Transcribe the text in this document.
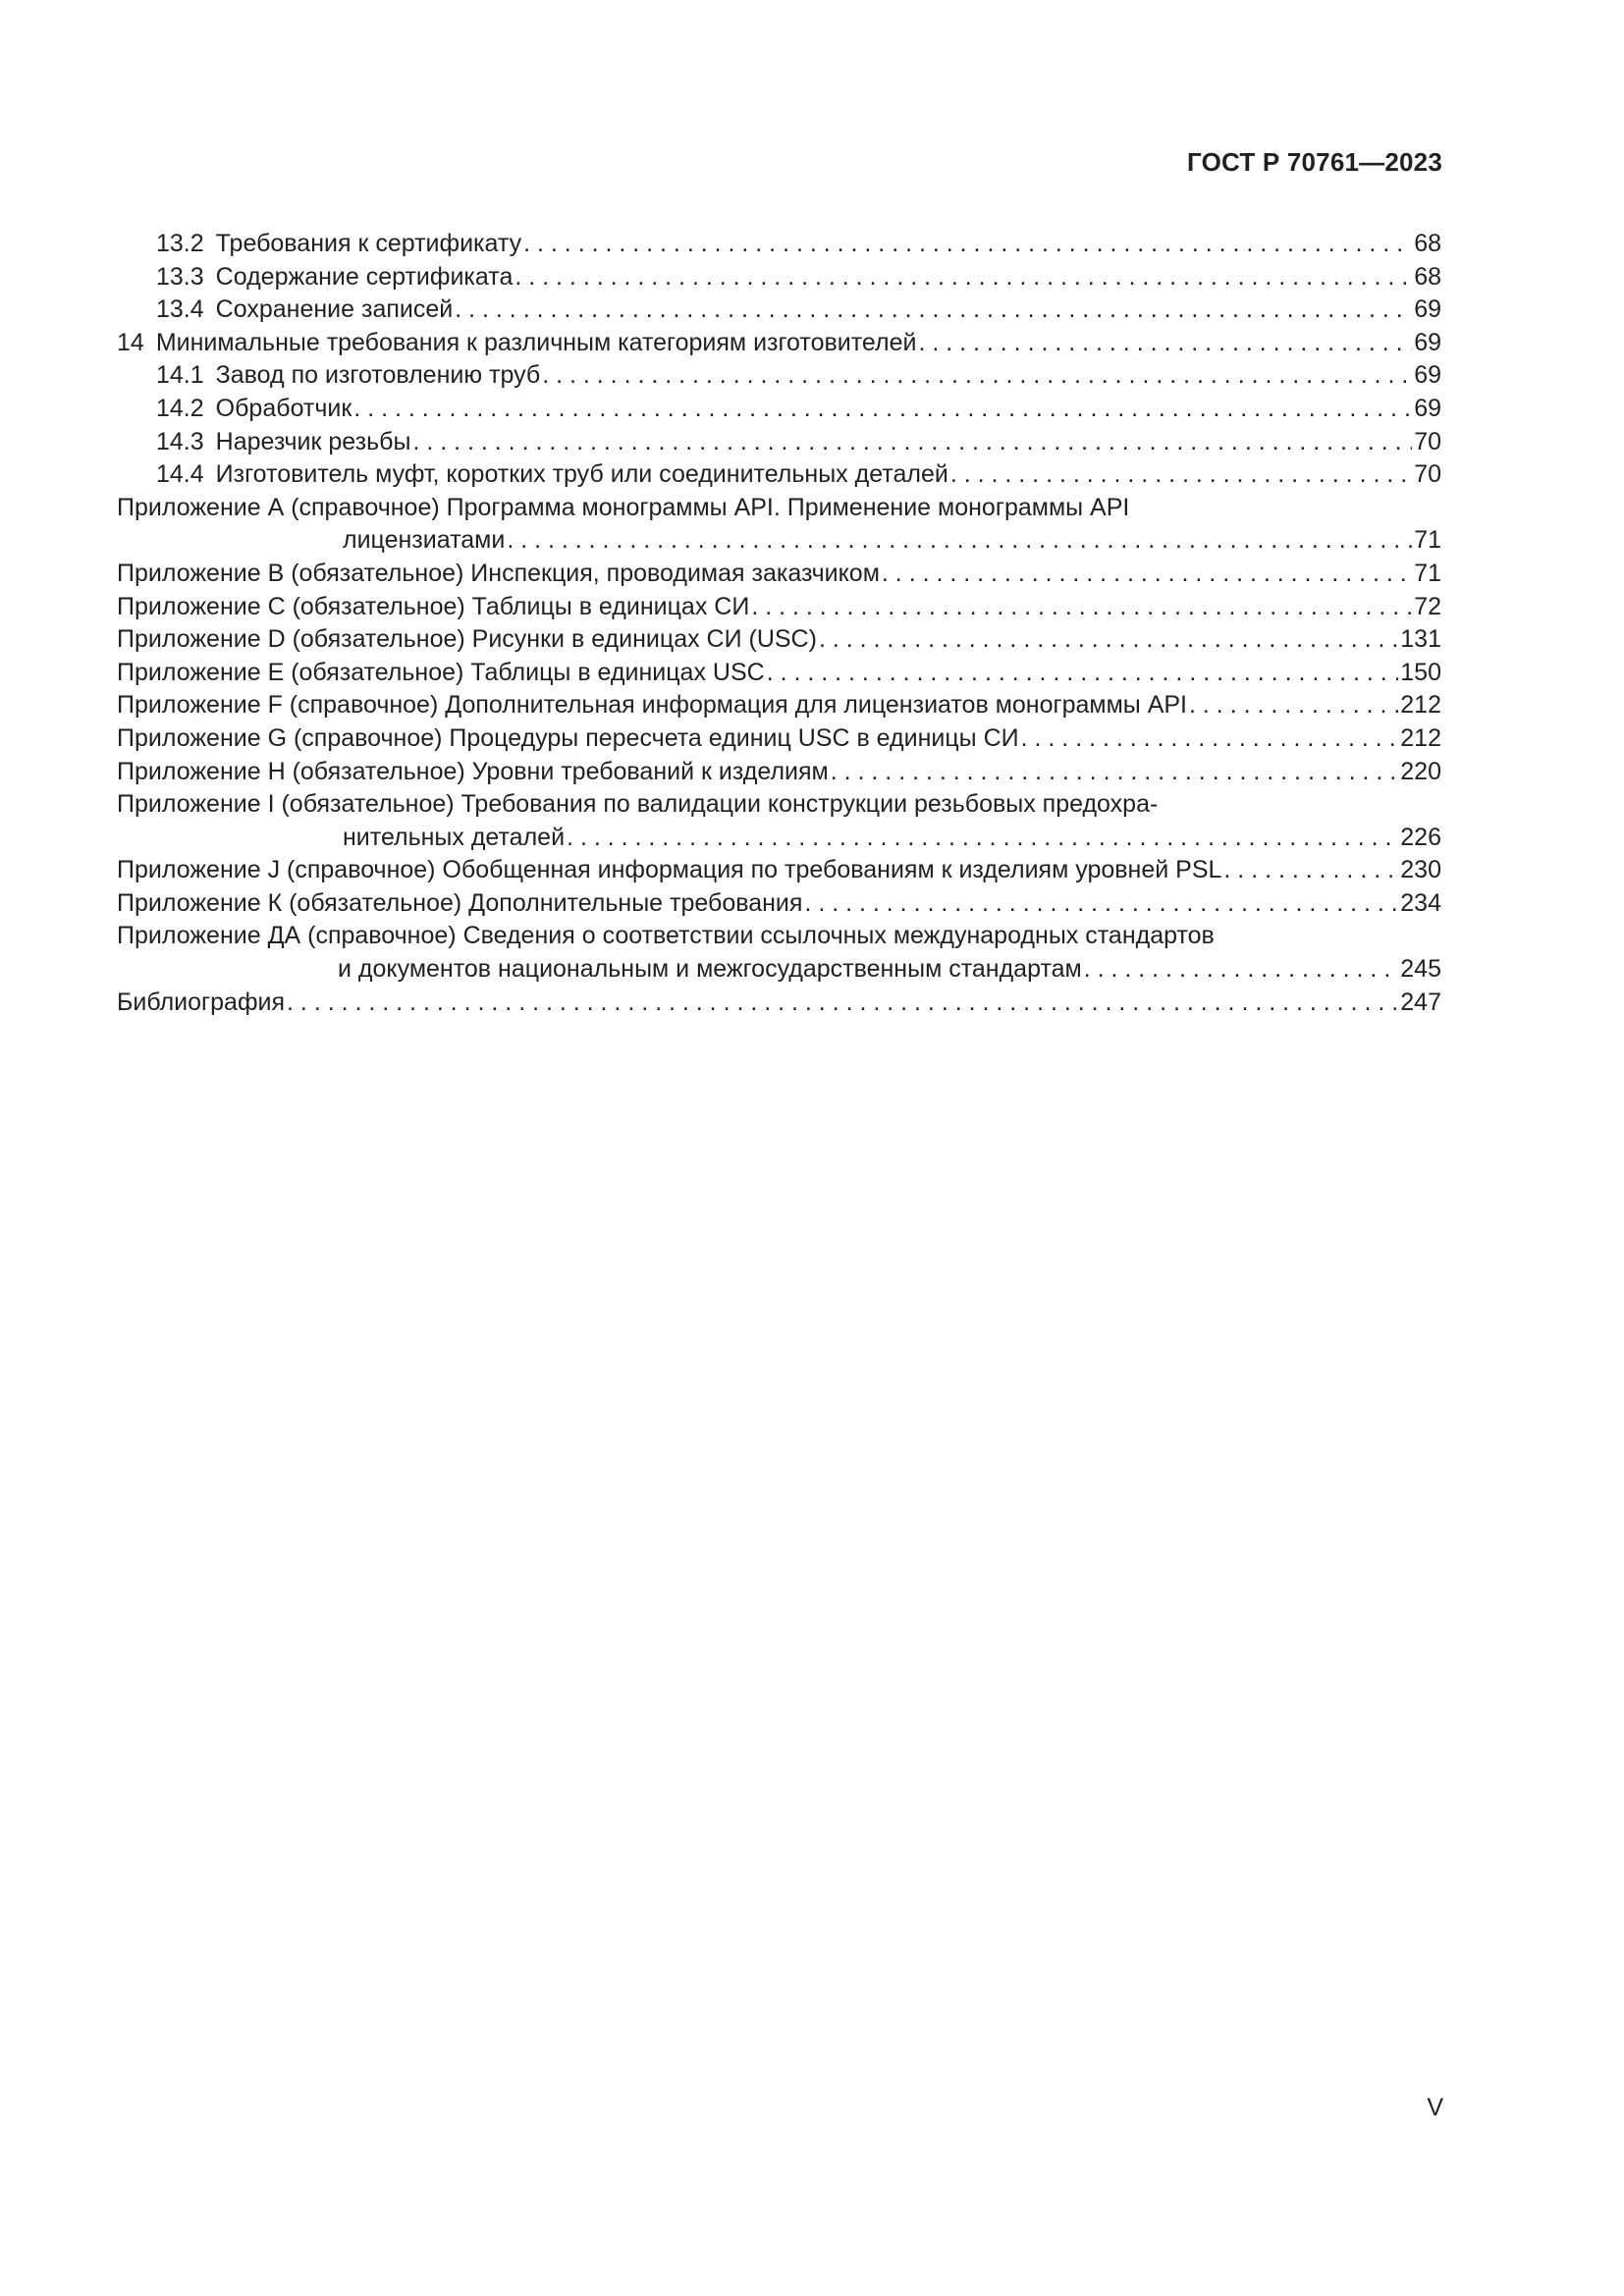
ГОСТ Р 70761—2023
13.2 Требования к сертификату . . .	68
13.3 Содержание сертификата . . .	68
13.4 Сохранение записей . . .	69
14 Минимальные требования к различным категориям изготовителей . . .	69
14.1 Завод по изготовлению труб . . .	69
14.2 Обработчик . . .	69
14.3 Нарезчик резьбы . . .	70
14.4 Изготовитель муфт, коротких труб или соединительных деталей . . .	70
Приложение А (справочное) Программа монограммы API. Применение монограммы API
лицензиатами . . .	71
Приложение В (обязательное) Инспекция, проводимая заказчиком . . .	71
Приложение С (обязательное) Таблицы в единицах СИ . . .	72
Приложение D (обязательное) Рисунки в единицах СИ (USC) . . .	131
Приложение Е (обязательное) Таблицы в единицах USC . . .	150
Приложение F (справочное) Дополнительная информация для лицензиатов монограммы API . . .	212
Приложение G (справочное) Процедуры пересчета единиц USC в единицы СИ . . .	212
Приложение Н (обязательное) Уровни требований к изделиям . . .	220
Приложение I (обязательное) Требования по валидации конструкции резьбовых предохра-
нительных деталей . . .	226
Приложение J (справочное) Обобщенная информация по требованиям к изделиям уровней PSL . . .	230
Приложение К (обязательное) Дополнительные требования . . .	234
Приложение ДА (справочное) Сведения о соответствии ссылочных международных стандартов
и документов национальным и межгосударственным стандартам . . .	245
Библиография . . .	247
V
